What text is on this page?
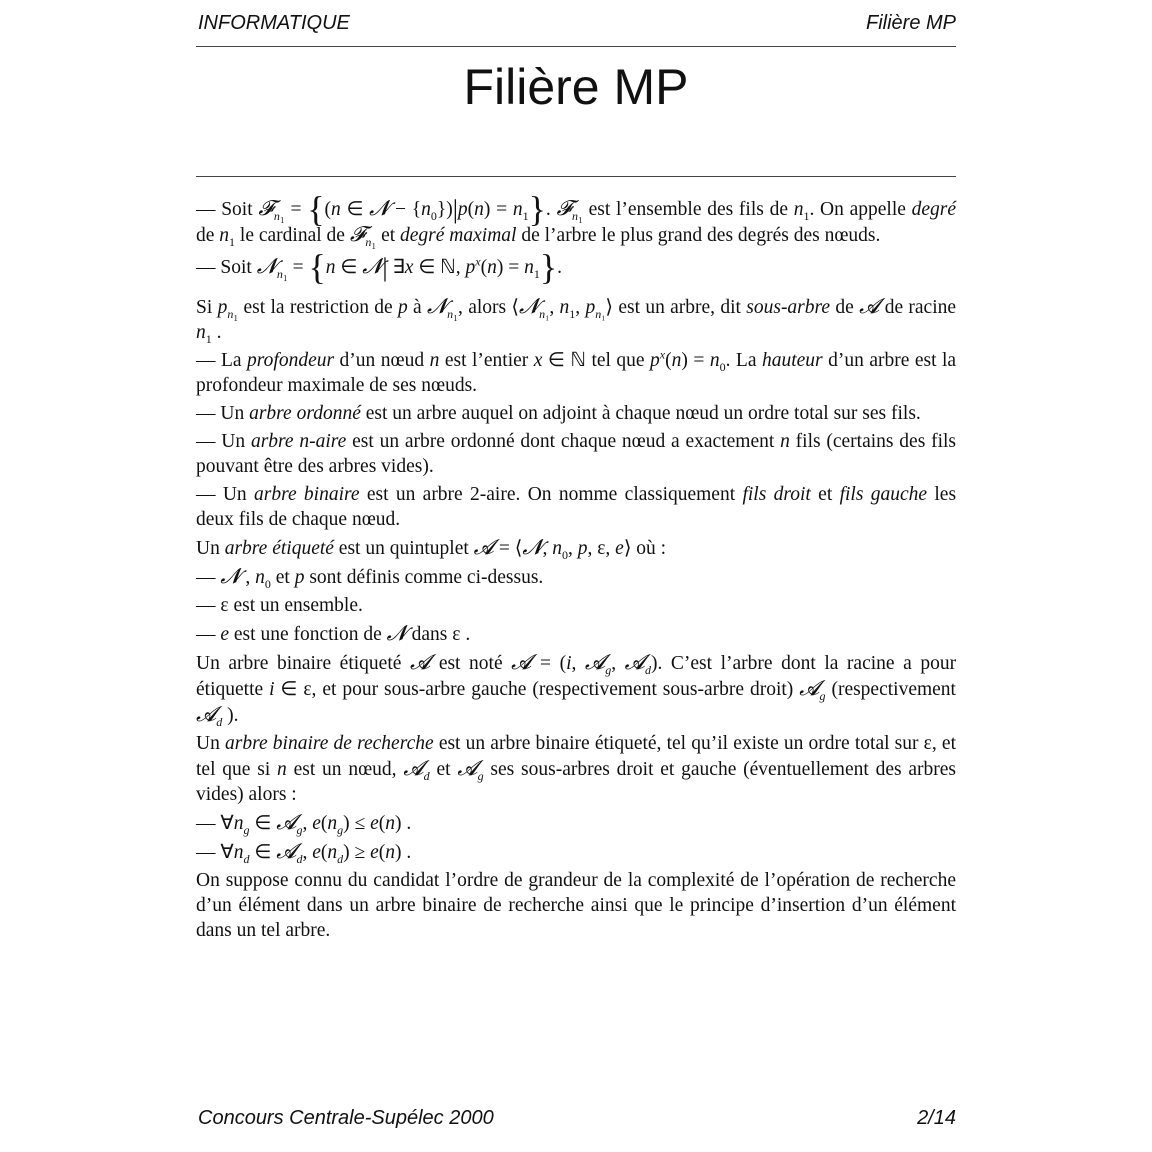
INFORMATIQUE	Filière MP
Filière MP

— Soit 𝓕$_{n_1}$ = {(n ∈ 𝓝 − $\{n_0\})|p(n) = n_1$}. 𝓕$_{n_1}$ est l’ensemble des fils de $n_1$. On appelle degré de $n_1$ le cardinal de 𝓕$_{n_1}$ et degré maximal de l’arbre le plus grand des degrés des nœuds.

— Soit 𝓝$_{n_1}$ = {n ∈ 𝓝| ∃x ∈ ℕ, $p^x(n) = n_1$}.

Si $p_{n_1}$ est la restriction de p à 𝓝$_{n_1}$, alors ⟨𝓝$_{n_1}$, $n_1$, $p_{n_1}⟩$ est un arbre, dit sous-arbre de 𝓐 de racine $n_1$ .

— La profondeur d’un nœud n est l’entier x ∈ ℕ tel que $p^x(n) = n_0$. La hauteur d’un arbre est la profondeur maximale de ses nœuds.

— Un arbre ordonné est un arbre auquel on adjoint à chaque nœud un ordre total sur ses fils.

— Un arbre n-aire est un arbre ordonné dont chaque nœud a exactement n fils (certains des fils pouvant être des arbres vides).

— Un arbre binaire est un arbre 2-aire. On nomme classiquement fils droit et fils gauche les deux fils de chaque nœud.

Un arbre étiqueté est un quintuplet 𝓐 = ⟨𝓝, $n_0$, p, ε, e⟩ où :

— 𝓝 , $n_0$ et p sont définis comme ci-dessus.

— ε est un ensemble.

— e est une fonction de 𝓝 dans ε .

Un arbre binaire étiqueté 𝓐 est noté 𝓐 = (i, 𝓐$_g$, 𝓐$_d$). C’est l’arbre dont la racine a pour étiquette i ∈ ε, et pour sous-arbre gauche (respectivement sous-arbre droit) 𝓐$_g$ (respectivement 𝓐$_d$ ).

Un arbre binaire de recherche est un arbre binaire étiqueté, tel qu’il existe un ordre total sur ε, et tel que si n est un nœud, 𝓐$_d$ et 𝓐$_g$ ses sous-arbres droit et gauche (éventuellement des arbres vides) alors :

— $\forall n_g$ ∈ 𝓐$_g$, $e(n_g) \le e(n)$ .

— $\forall n_d$ ∈ 𝓐$_d$, $e(n_d) \ge e(n)$ .

On suppose connu du candidat l’ordre de grandeur de la complexité de l’opération de recherche d’un élément dans un arbre binaire de recherche ainsi que le principe d’insertion d’un élément dans un tel arbre.

Concours Centrale-Supélec 2000	2/14
